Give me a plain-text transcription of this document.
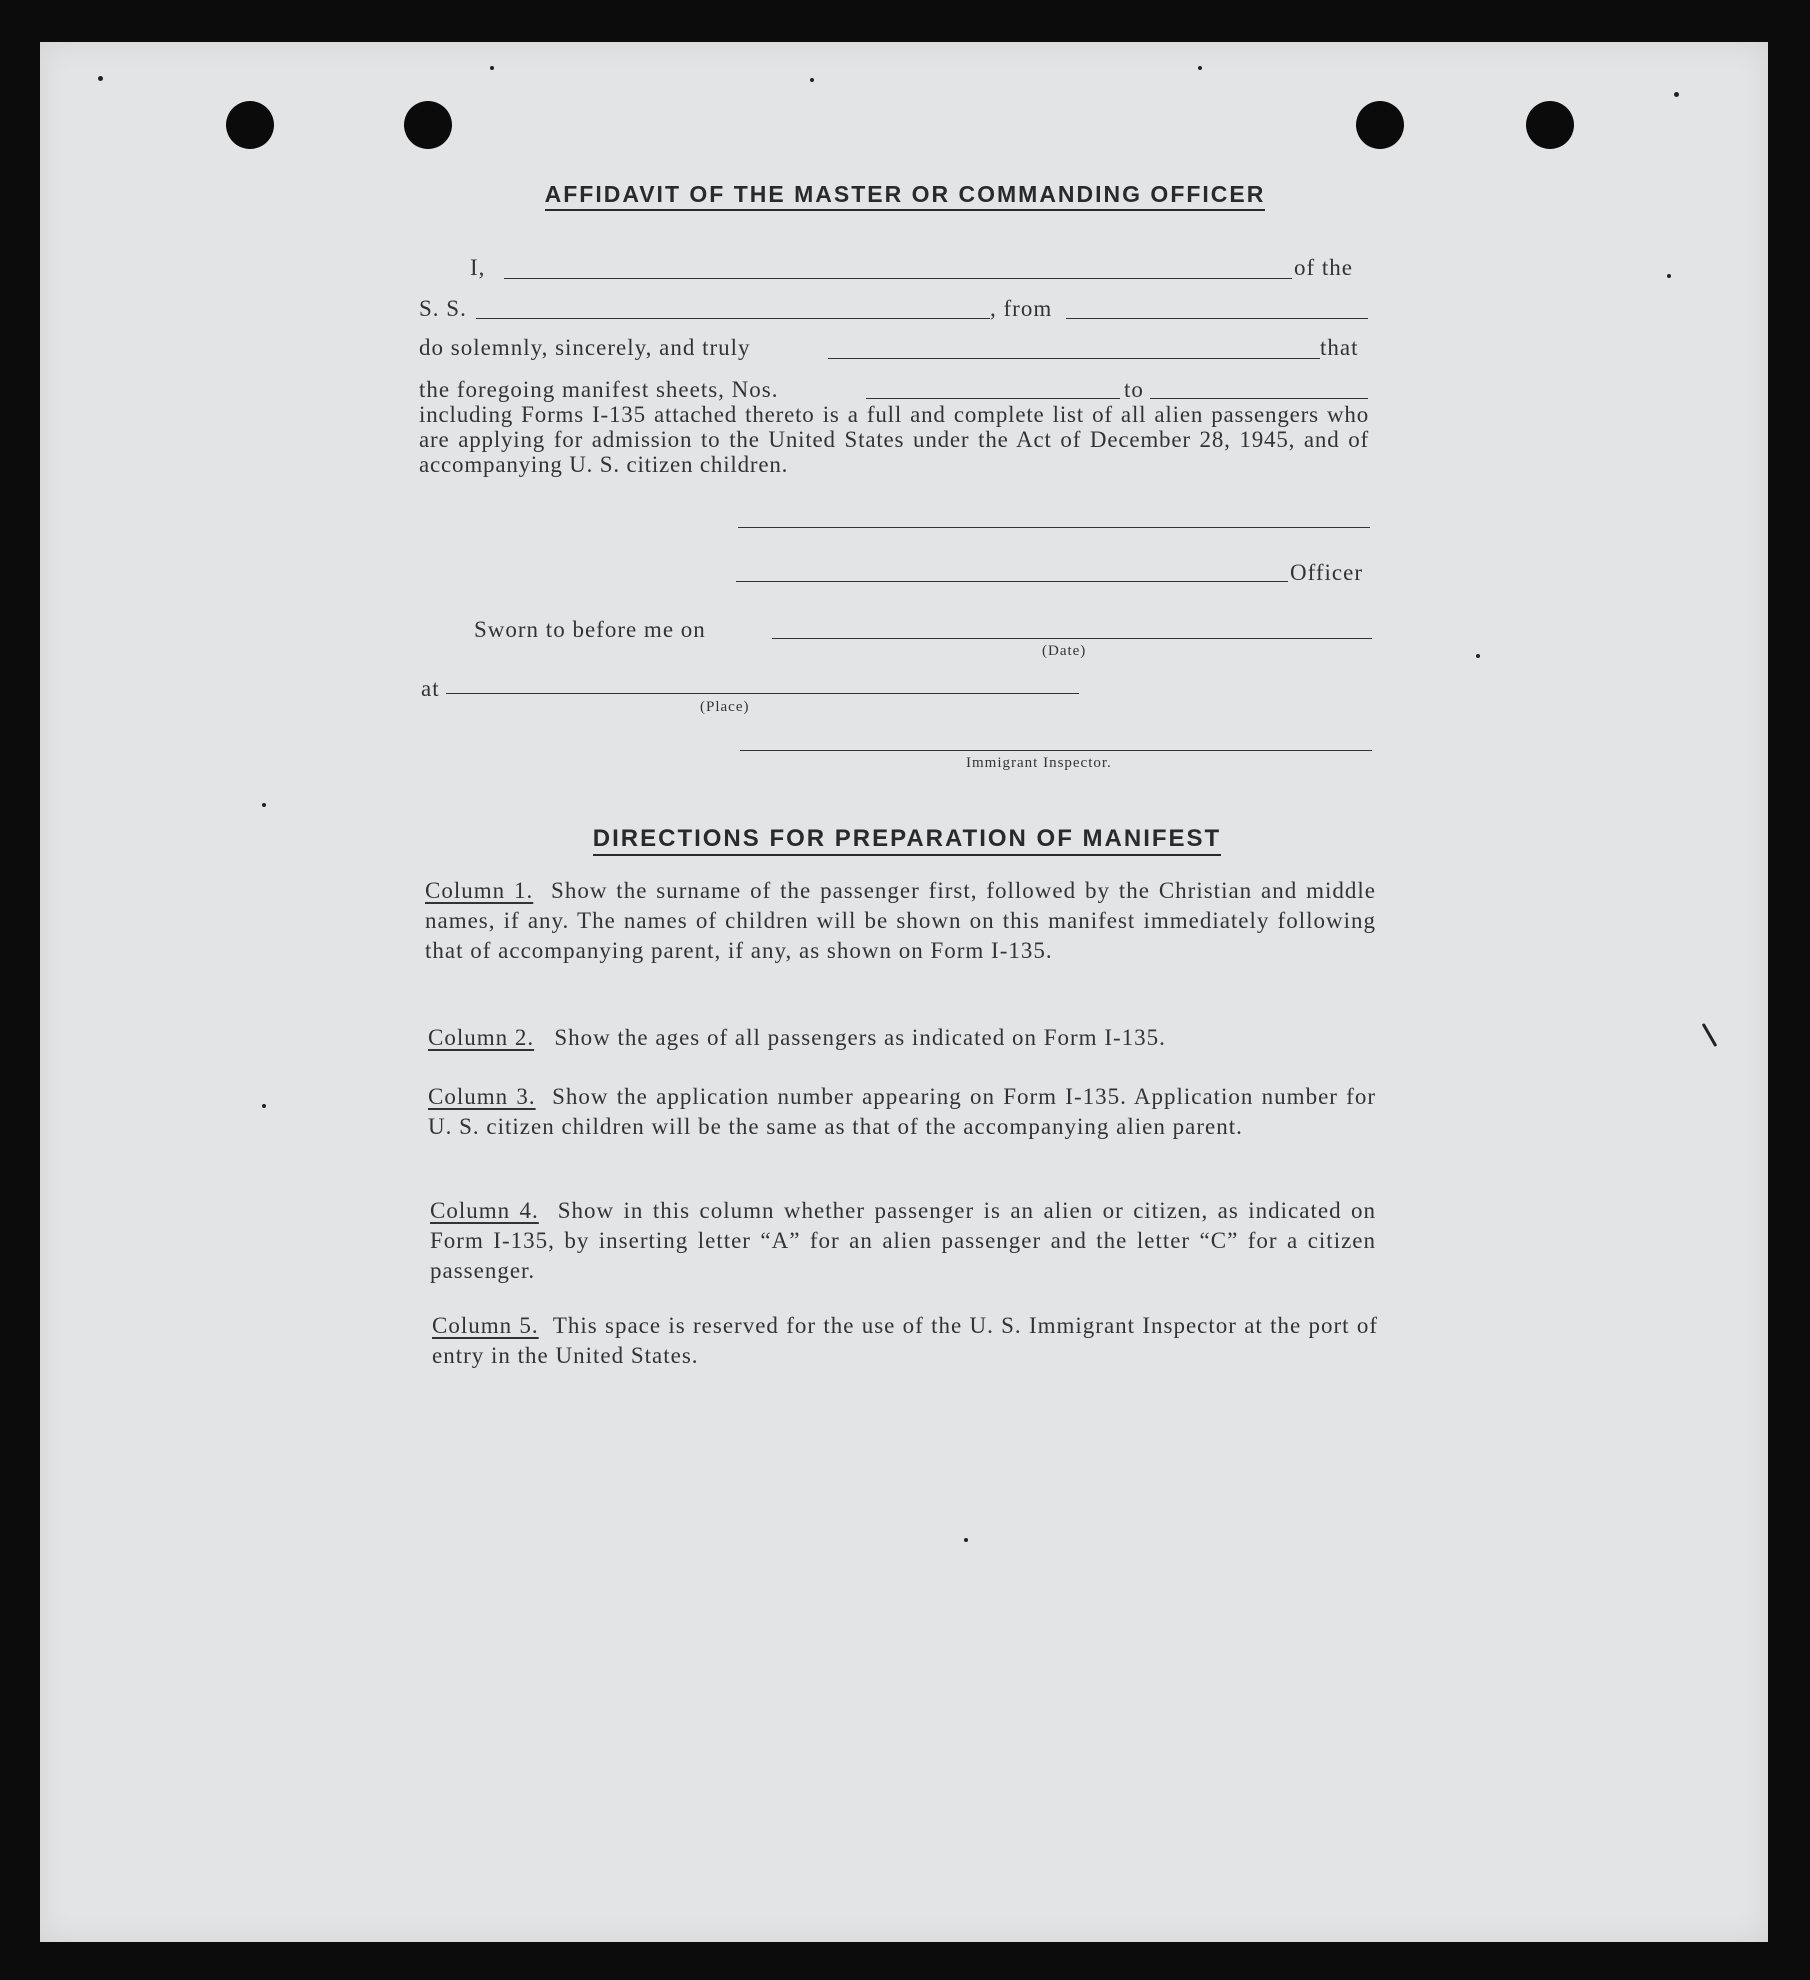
AFFIDAVIT OF THE MASTER OR COMMANDING OFFICER
I,	of the
S. S.	, from
do solemnly, sincerely, and truly	that
the foregoing manifest sheets, Nos.	to
including Forms I-135 attached thereto is a full and complete list of all alien passengers who are applying for admission to the United States under the Act of December 28, 1945, and of accompanying U. S. citizen children.
Officer
Sworn to before me on
(Date)
at
(Place)
Immigrant Inspector.
DIRECTIONS FOR PREPARATION OF MANIFEST
Column 1. Show the surname of the passenger first, followed by the Christian and middle names, if any. The names of children will be shown on this manifest immediately following that of accompanying parent, if any, as shown on Form I-135.
Column 2. Show the ages of all passengers as indicated on Form I-135.
Column 3. Show the application number appearing on Form I-135. Application number for U. S. citizen children will be the same as that of the accompanying alien parent.
Column 4. Show in this column whether passenger is an alien or citizen, as indicated on Form I-135, by inserting letter “A” for an alien passenger and the letter “C” for a citizen passenger.
Column 5. This space is reserved for the use of the U. S. Immigrant Inspector at the port of entry in the United States.
